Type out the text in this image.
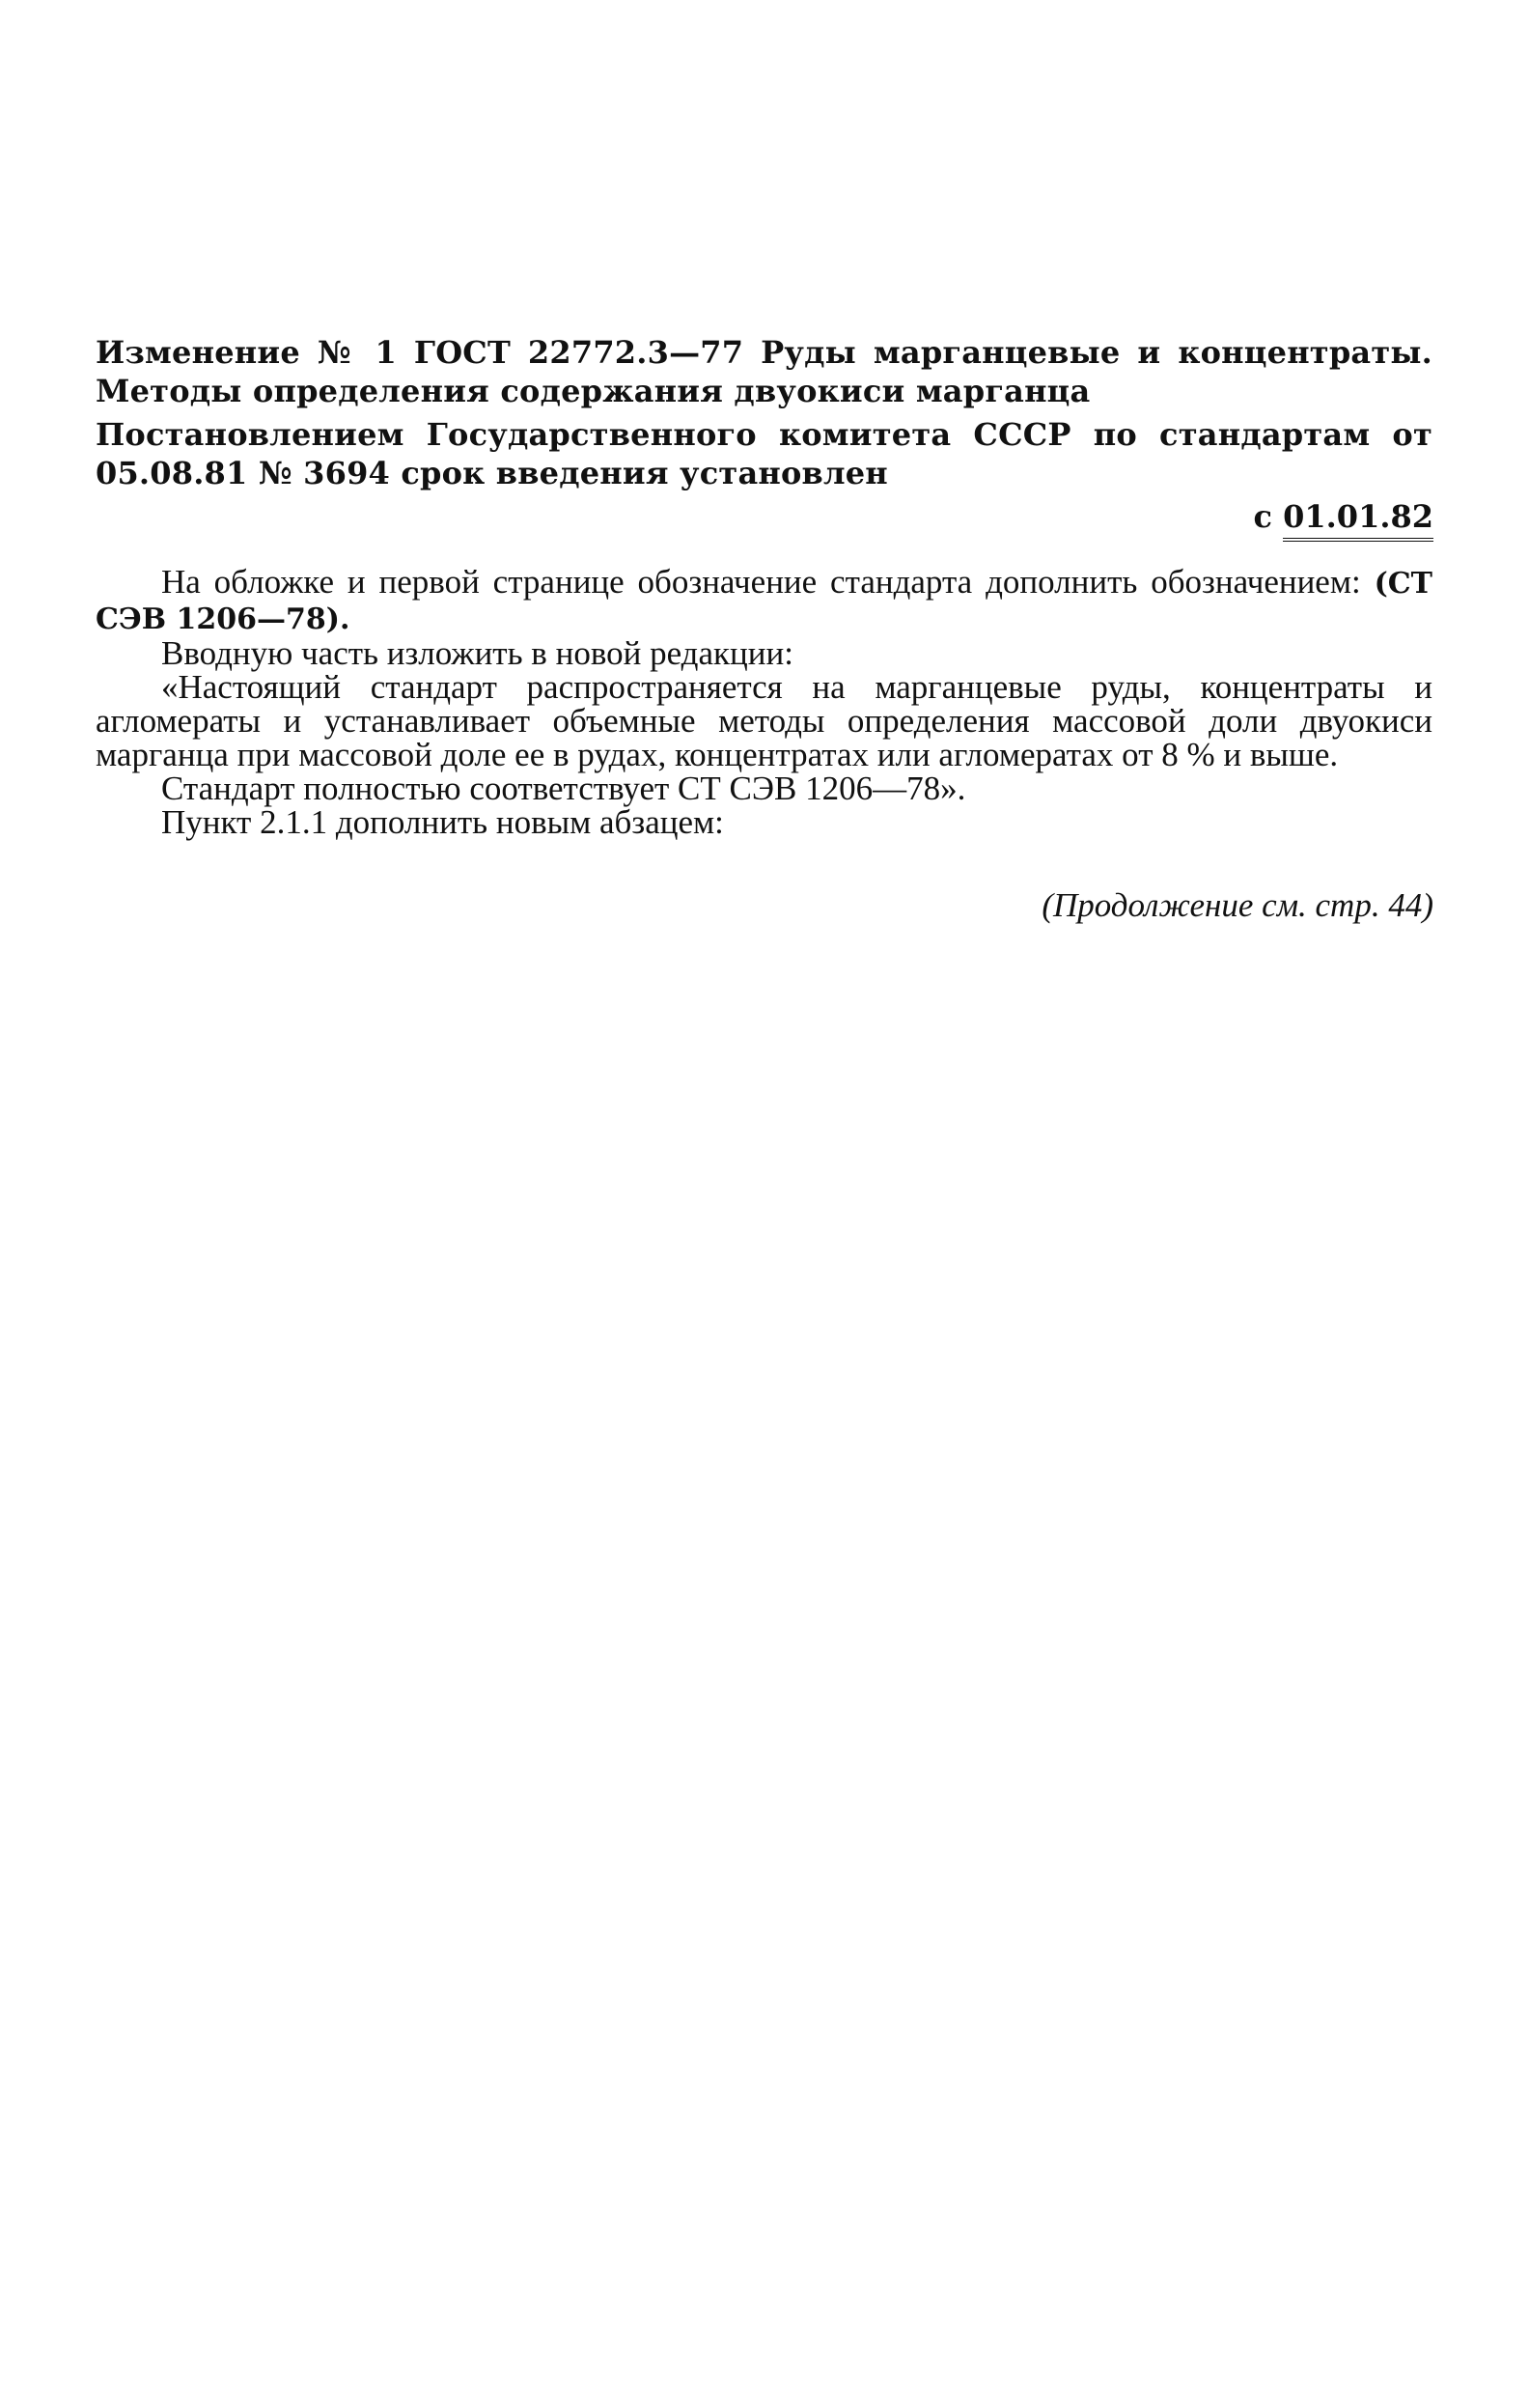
Изменение № 1 ГОСТ 22772.3—77 Руды марганцевые и концентраты. Методы определения содержания двуокиси марганца
Постановлением Государственного комитета СССР по стандартам от 05.08.81 № 3694 срок введения установлен
с 01.01.82

На обложке и первой странице обозначение стандарта дополнить обозначением: (СТ СЭВ 1206—78).

Вводную часть изложить в новой редакции:

«Настоящий стандарт распространяется на марганцевые руды, концентраты и агломераты и устанавливает объемные методы определения массовой доли двуокиси марганца при массовой доле ее в рудах, концентратах или агломератах от 8 % и выше.

Стандарт полностью соответствует СТ СЭВ 1206—78».

Пункт 2.1.1 дополнить новым абзацем:

(Продолжение см. стр. 44)
